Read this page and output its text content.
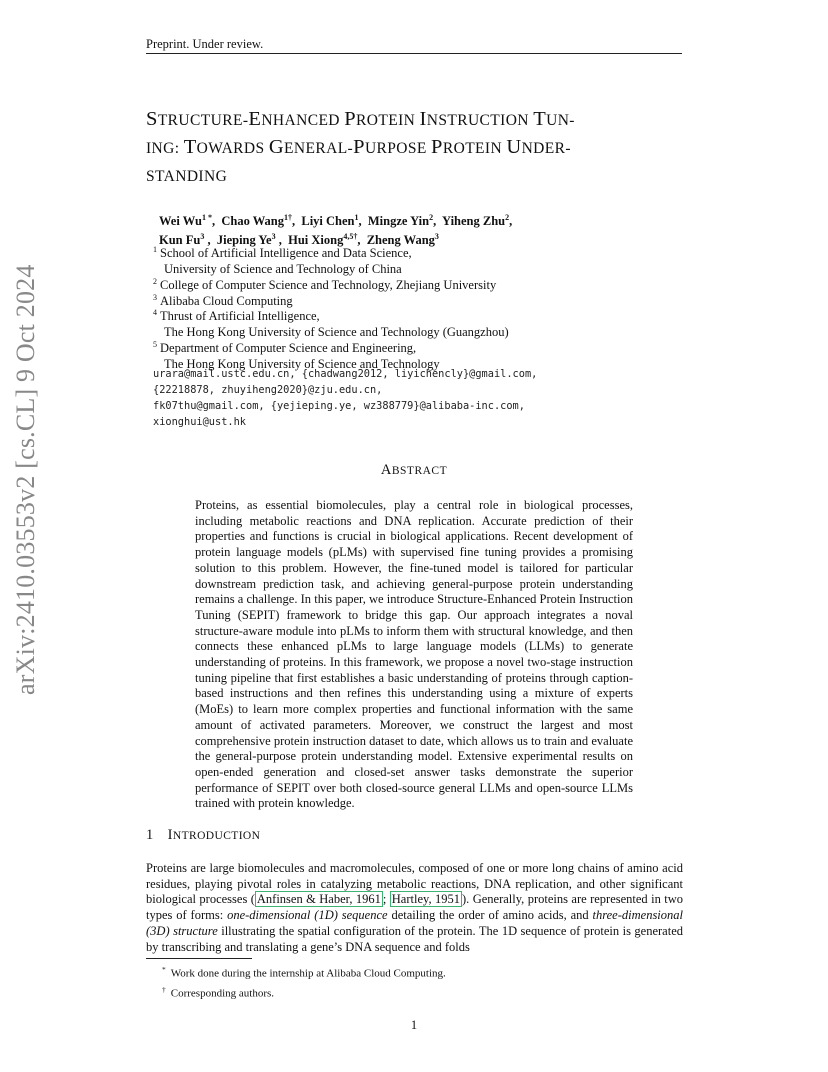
Preprint. Under review.
arXiv:2410.03553v2 [cs.CL] 9 Oct 2024
STRUCTURE-ENHANCED PROTEIN INSTRUCTION TUN-
ING: TOWARDS GENERAL-PURPOSE PROTEIN UNDER-
STANDING
Wei $Wu^{1 *}$,  Chao Wang$^{1\dagger}$,  Liyi Chen$^1$,  Mingze Yin$^2$,  Yiheng Zhu$^2$,
Kun Fu$^3$ ,  Jieping Ye$^3$ ,  Hui Xiong$^{4,5\dagger}$,  Zheng Wang$^3$
$^1$ School of Artificial Intelligence and Data Science,
University of Science and Technology of China
$^2$ College of Computer Science and Technology, Zhejiang University
$^3$ Alibaba Cloud Computing
$^4$ Thrust of Artificial Intelligence,
The Hong Kong University of Science and Technology (Guangzhou)
$^5$ Department of Computer Science and Engineering,
The Hong Kong University of Science and Technology
urara@mail.ustc.edu.cn, {chadwang2012, liyichencly}@gmail.com,
{22218878, zhuyiheng2020}@zju.edu.cn,
fk07thu@gmail.com, {yejieping.ye, wz388779}@alibaba-inc.com,
xionghui@ust.hk
ABSTRACT
Proteins, as essential biomolecules, play a central role in biological processes, including metabolic reactions and DNA replication. Accurate prediction of their properties and functions is crucial in biological applications. Recent development of protein language models (pLMs) with supervised fine tuning provides a promising solution to this problem. However, the fine-tuned model is tailored for particular downstream prediction task, and achieving general-purpose protein understanding remains a challenge. In this paper, we introduce Structure-Enhanced Protein Instruction Tuning (SEPIT) framework to bridge this gap. Our approach integrates a noval structure-aware module into pLMs to inform them with structural knowledge, and then connects these enhanced pLMs to large language models (LLMs) to generate understanding of proteins. In this framework, we propose a novel two-stage instruction tuning pipeline that first establishes a basic understanding of proteins through caption-based instructions and then refines this understanding using a mixture of experts (MoEs) to learn more complex properties and functional information with the same amount of activated parameters. Moreover, we construct the largest and most comprehensive protein instruction dataset to date, which allows us to train and evaluate the general-purpose protein understanding model. Extensive experimental results on open-ended generation and closed-set answer tasks demonstrate the superior performance of SEPIT over both closed-source general LLMs and open-source LLMs trained with protein knowledge.
1 INTRODUCTION
Proteins are large biomolecules and macromolecules, composed of one or more long chains of amino acid residues, playing pivotal roles in catalyzing metabolic reactions, DNA replication, and other significant biological processes ( Anfinsen & Haber, 1961 ; Hartley, 1951 ). Generally, proteins are represented in two types of forms: one-dimensional (1D) sequence detailing the order of amino acids, and three-dimensional (3D) structure illustrating the spatial configuration of the protein. The 1D sequence of protein is generated by transcribing and translating a gene’s DNA sequence and folds
* Work done during the internship at Alibaba Cloud Computing.
† Corresponding authors.
1
